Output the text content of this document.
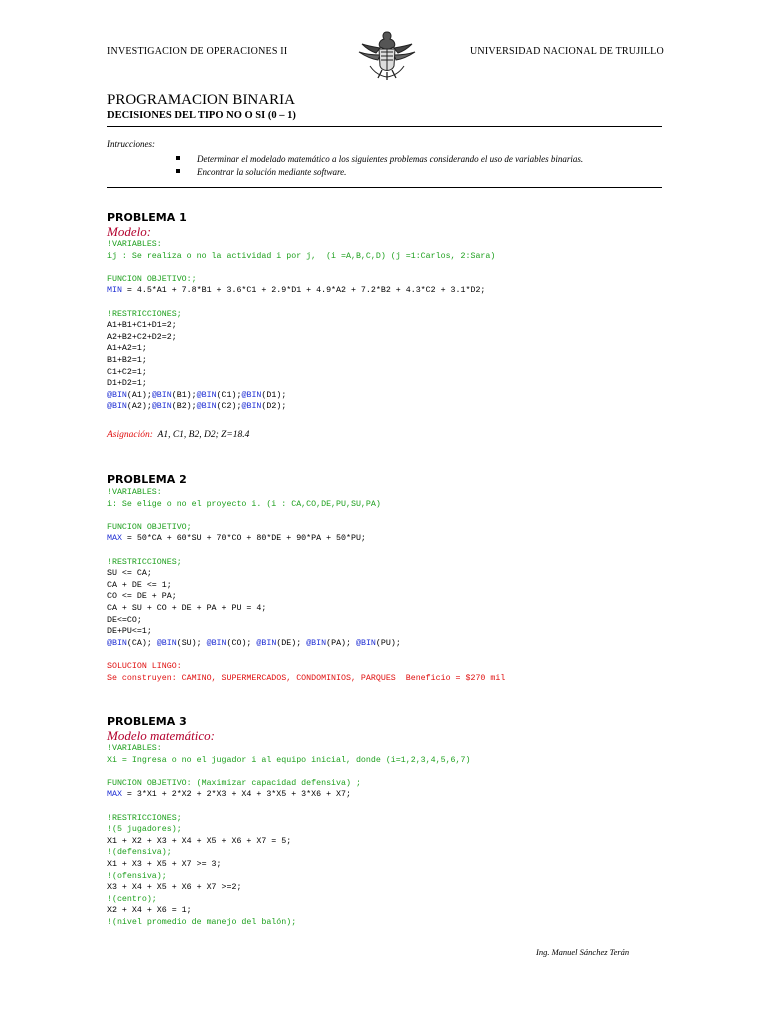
INVESTIGACION DE OPERACIONES II	UNIVERSIDAD NACIONAL DE TRUJILLO
PROGRAMACION BINARIA
DECISIONES DEL TIPO NO O SI (0 – 1)
Intrucciones:
Determinar el modelado matemático a los siguientes problemas considerando el uso de variables binarias.
Encontrar la solución mediante software.
PROBLEMA 1
Modelo:
!VARIABLES:
ij : Se realiza o no la actividad i por j,  (i =A,B,C,D) (j =1:Carlos, 2:Sara)
FUNCION OBJETIVO:;
MIN = 4.5*A1 + 7.8*B1 + 3.6*C1 + 2.9*D1 + 4.9*A2 + 7.2*B2 + 4.3*C2 + 3.1*D2;
!RESTRICCIONES;
A1+B1+C1+D1=2;
A2+B2+C2+D2=2;
A1+A2=1;
B1+B2=1;
C1+C2=1;
D1+D2=1;
@BIN(A1);@BIN(B1);@BIN(C1);@BIN(D1);
@BIN(A2);@BIN(B2);@BIN(C2);@BIN(D2);
Asignación: A1, C1, B2, D2; Z=18.4
PROBLEMA 2
!VARIABLES:
i: Se elige o no el proyecto i. (i : CA,CO,DE,PU,SU,PA)
FUNCION OBJETIVO;
MAX = 50*CA + 60*SU + 70*CO + 80*DE + 90*PA + 50*PU;
!RESTRICCIONES;
SU <= CA;
CA + DE <= 1;
CO <= DE + PA;
CA + SU + CO + DE + PA + PU = 4;
DE<=CO;
DE+PU<=1;
@BIN(CA); @BIN(SU); @BIN(CO); @BIN(DE); @BIN(PA); @BIN(PU);
SOLUCION LINGO:
Se construyen: CAMINO, SUPERMERCADOS, CONDOMINIOS, PARQUES  Beneficio = $270 mil
PROBLEMA 3
Modelo matemático:
!VARIABLES:
Xi = Ingresa o no el jugador i al equipo inicial, donde (i=1,2,3,4,5,6,7)
FUNCION OBJETIVO: (Maximizar capacidad defensiva) ;
MAX = 3*X1 + 2*X2 + 2*X3 + X4 + 3*X5 + 3*X6 + X7;
!RESTRICCIONES;
!(5 jugadores);
X1 + X2 + X3 + X4 + X5 + X6 + X7 = 5;
!(defensiva);
X1 + X3 + X5 + X7 >= 3;
!(ofensiva);
X3 + X4 + X5 + X6 + X7 >=2;
!(centro);
X2 + X4 + X6 = 1;
!(nivel promedio de manejo del balón);
Ing. Manuel Sánchez Terán
